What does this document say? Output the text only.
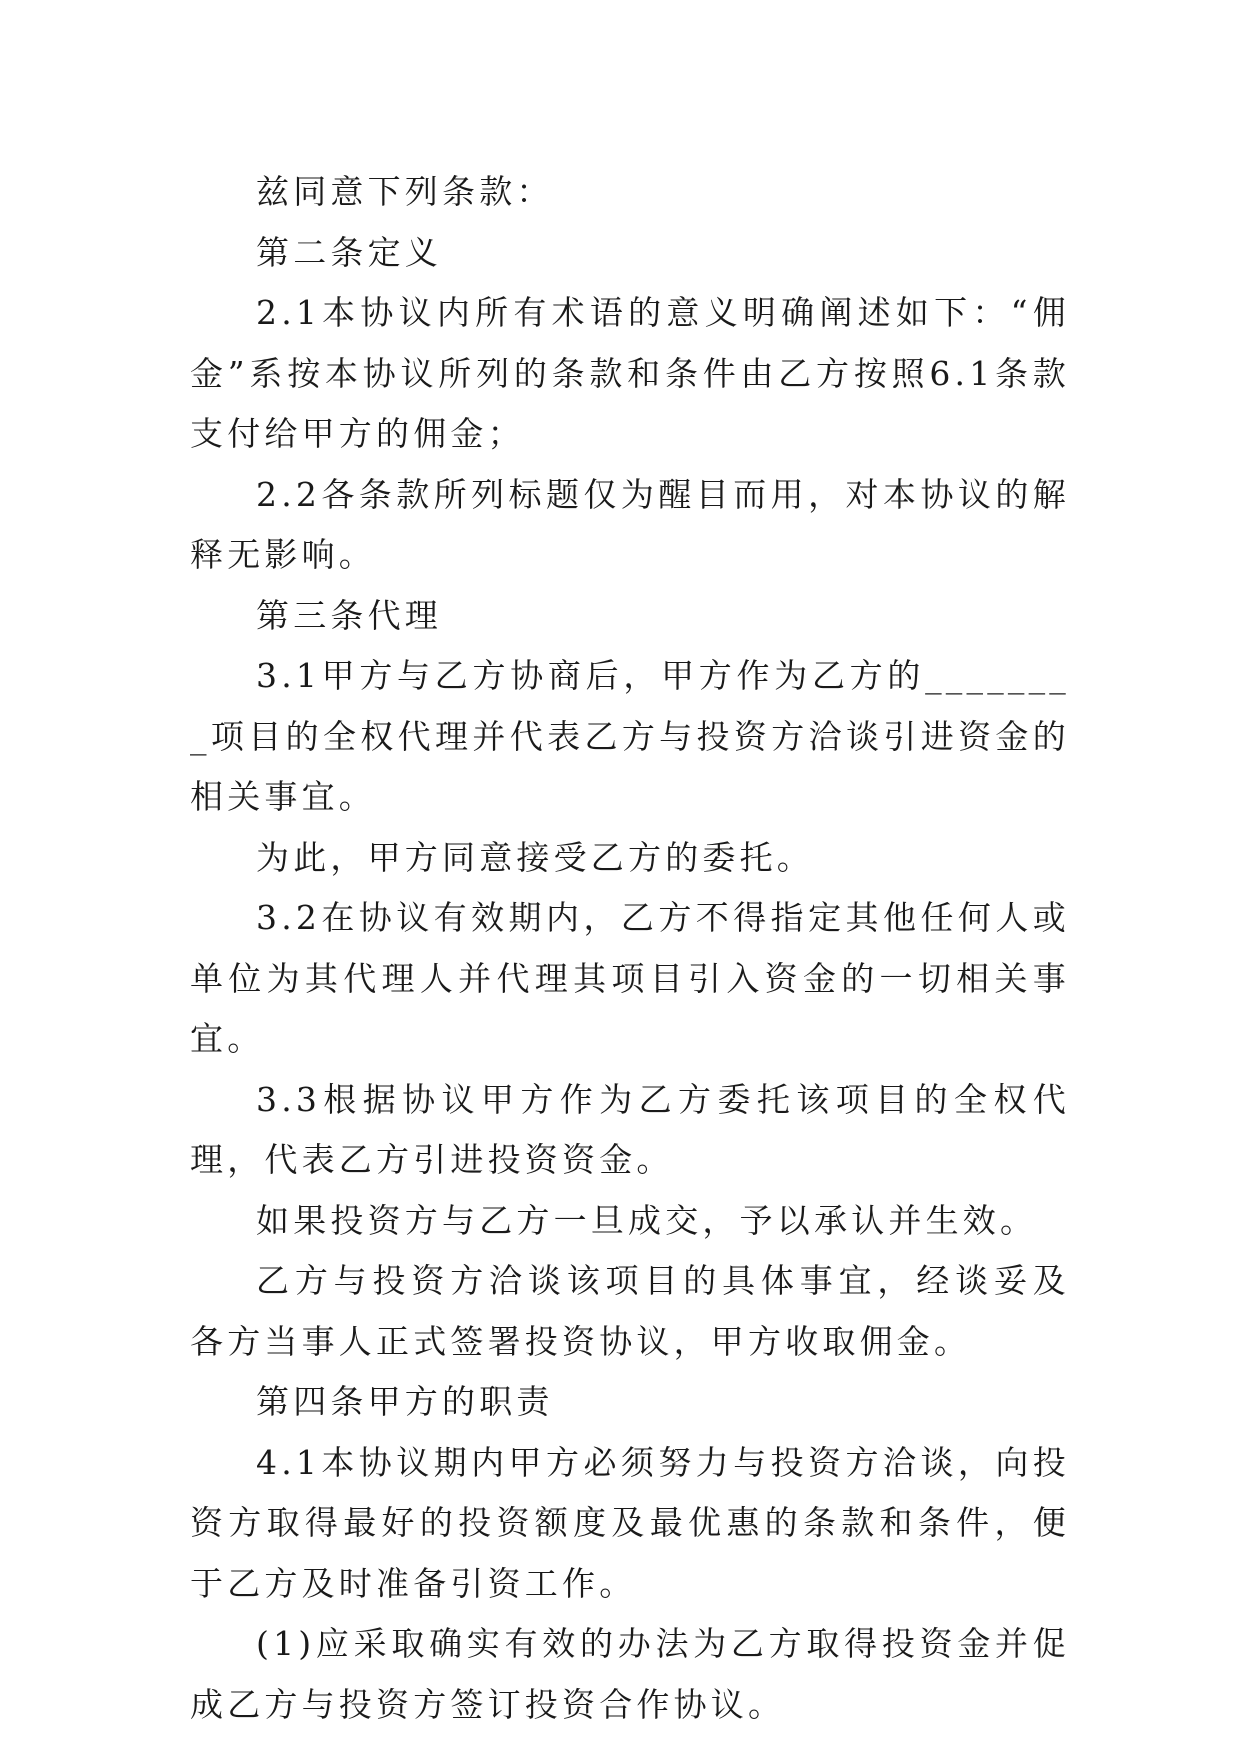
兹同意下列条款：

第二条定义

2.1本协议内所有术语的意义明确阐述如下：“佣金”系按本协议所列的条款和条件由乙方按照6.1条款支付给甲方的佣金；

2.2各条款所列标题仅为醒目而用，对本协议的解释无影响。

第三条代理

3.1甲方与乙方协商后，甲方作为乙方的________项目的全权代理并代表乙方与投资方洽谈引进资金的相关事宜。

为此，甲方同意接受乙方的委托。

3.2在协议有效期内，乙方不得指定其他任何人或单位为其代理人并代理其项目引入资金的一切相关事宜。

3.3根据协议甲方作为乙方委托该项目的全权代理，代表乙方引进投资资金。

如果投资方与乙方一旦成交，予以承认并生效。

乙方与投资方洽谈该项目的具体事宜，经谈妥及各方当事人正式签署投资协议，甲方收取佣金。

第四条甲方的职责

4.1本协议期内甲方必须努力与投资方洽谈，向投资方取得最好的投资额度及最优惠的条款和条件，便于乙方及时准备引资工作。

(1)应采取确实有效的办法为乙方取得投资金并促成乙方与投资方签订投资合作协议。
